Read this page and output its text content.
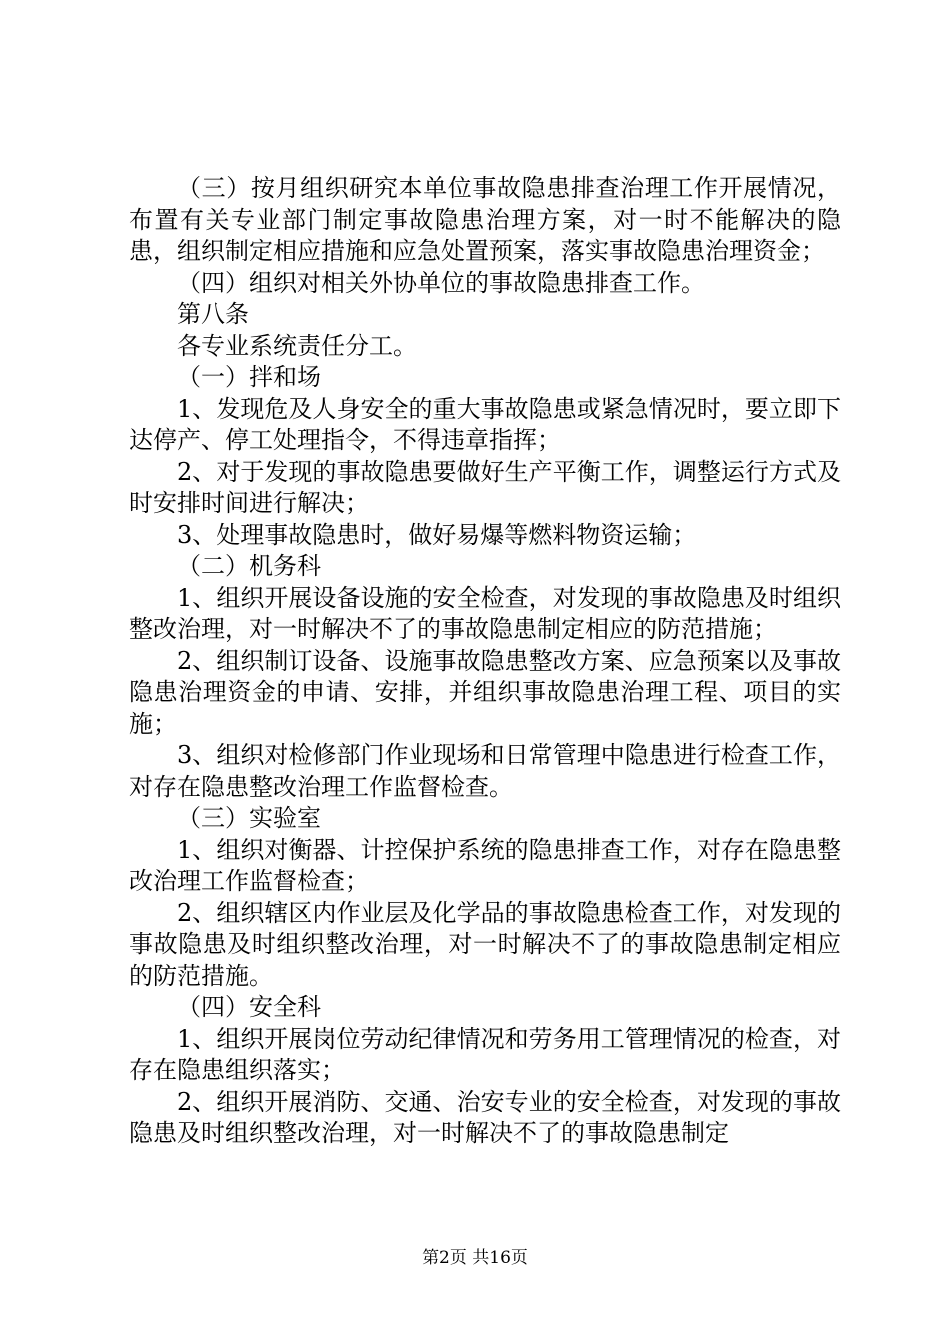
（三）按月组织研究本单位事故隐患排查治理工作开展情况，布置有关专业部门制定事故隐患治理方案，对一时不能解决的隐患，组织制定相应措施和应急处置预案，落实事故隐患治理资金；

（四）组织对相关外协单位的事故隐患排查工作。

第八条

各专业系统责任分工。

（一）拌和场

1、发现危及人身安全的重大事故隐患或紧急情况时，要立即下达停产、停工处理指令，不得违章指挥；

2、对于发现的事故隐患要做好生产平衡工作，调整运行方式及时安排时间进行解决；

3、处理事故隐患时，做好易爆等燃料物资运输；

（二）机务科

1、组织开展设备设施的安全检查，对发现的事故隐患及时组织整改治理，对一时解决不了的事故隐患制定相应的防范措施；

2、组织制订设备、设施事故隐患整改方案、应急预案以及事故隐患治理资金的申请、安排，并组织事故隐患治理工程、项目的实施；

3、组织对检修部门作业现场和日常管理中隐患进行检查工作，对存在隐患整改治理工作监督检查。

（三）实验室

1、组织对衡器、计控保护系统的隐患排查工作，对存在隐患整改治理工作监督检查；

2、组织辖区内作业层及化学品的事故隐患检查工作，对发现的事故隐患及时组织整改治理，对一时解决不了的事故隐患制定相应的防范措施。

（四）安全科

1、组织开展岗位劳动纪律情况和劳务用工管理情况的检查，对存在隐患组织落实；

2、组织开展消防、交通、治安专业的安全检查，对发现的事故隐患及时组织整改治理，对一时解决不了的事故隐患制定

第2页 共16页
